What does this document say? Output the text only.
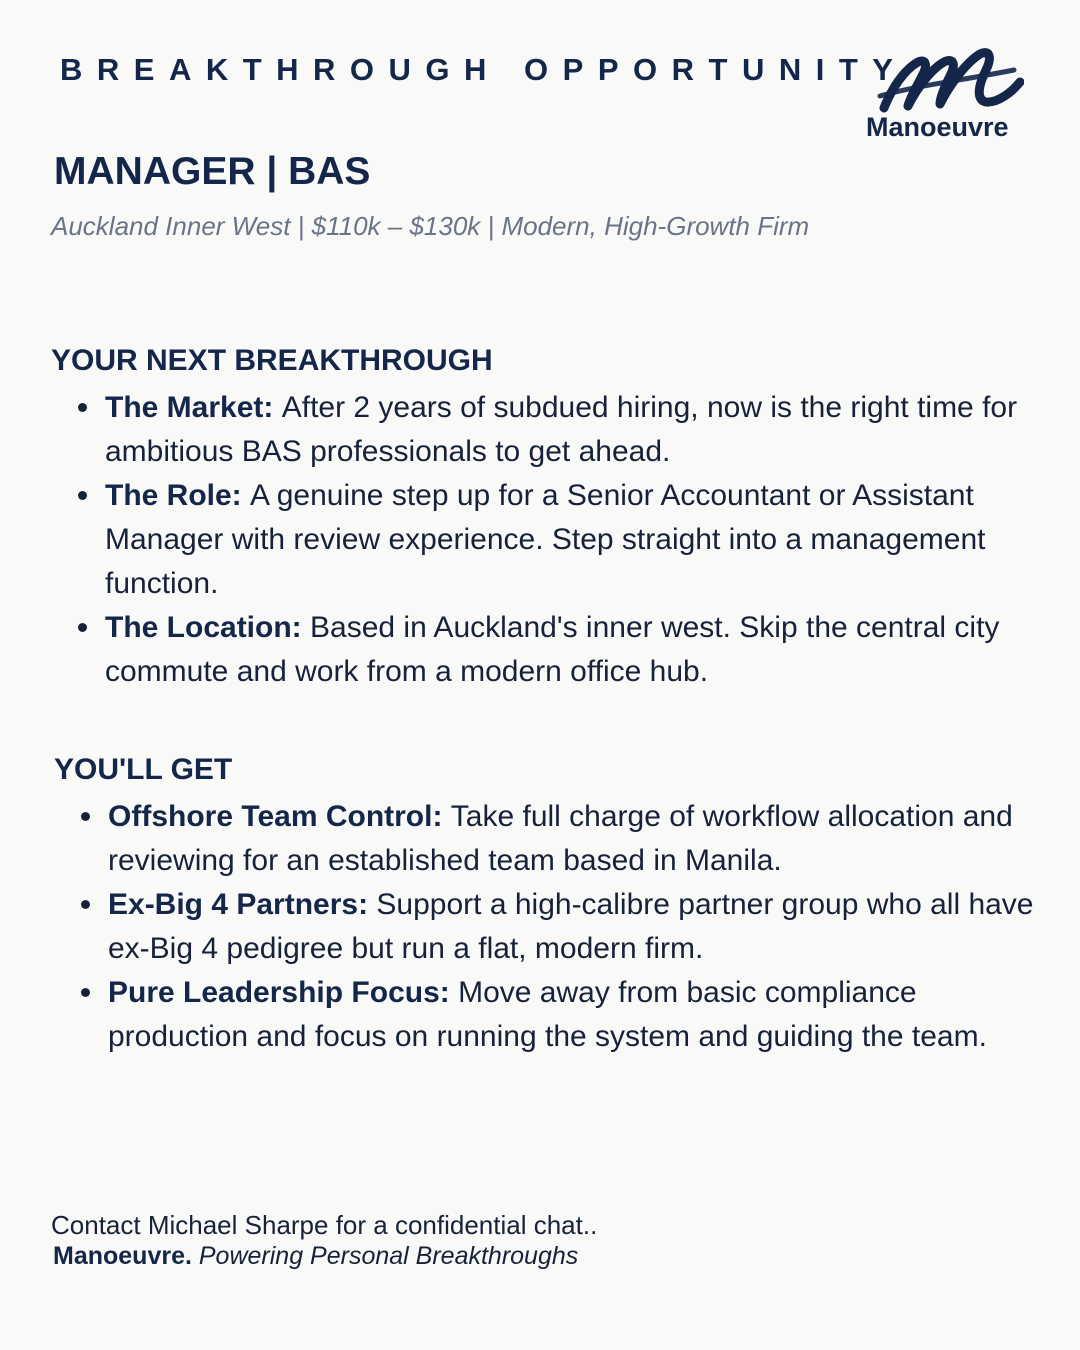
BREAKTHROUGH OPPORTUNITY
Manoeuvre
MANAGER | BAS
Auckland Inner West | $110k – $130k | Modern, High-Growth Firm
YOUR NEXT BREAKTHROUGH
The Market: After 2 years of subdued hiring, now is the right time for ambitious BAS professionals to get ahead.
The Role: A genuine step up for a Senior Accountant or Assistant Manager with review experience. Step straight into a management function.
The Location: Based in Auckland's inner west. Skip the central city commute and work from a modern office hub.
YOU'LL GET
Offshore Team Control: Take full charge of workflow allocation and reviewing for an established team based in Manila.
Ex-Big 4 Partners: Support a high-calibre partner group who all have ex-Big 4 pedigree but run a flat, modern firm.
Pure Leadership Focus: Move away from basic compliance production and focus on running the system and guiding the team.
Contact Michael Sharpe for a confidential chat..
Manoeuvre. Powering Personal Breakthroughs
